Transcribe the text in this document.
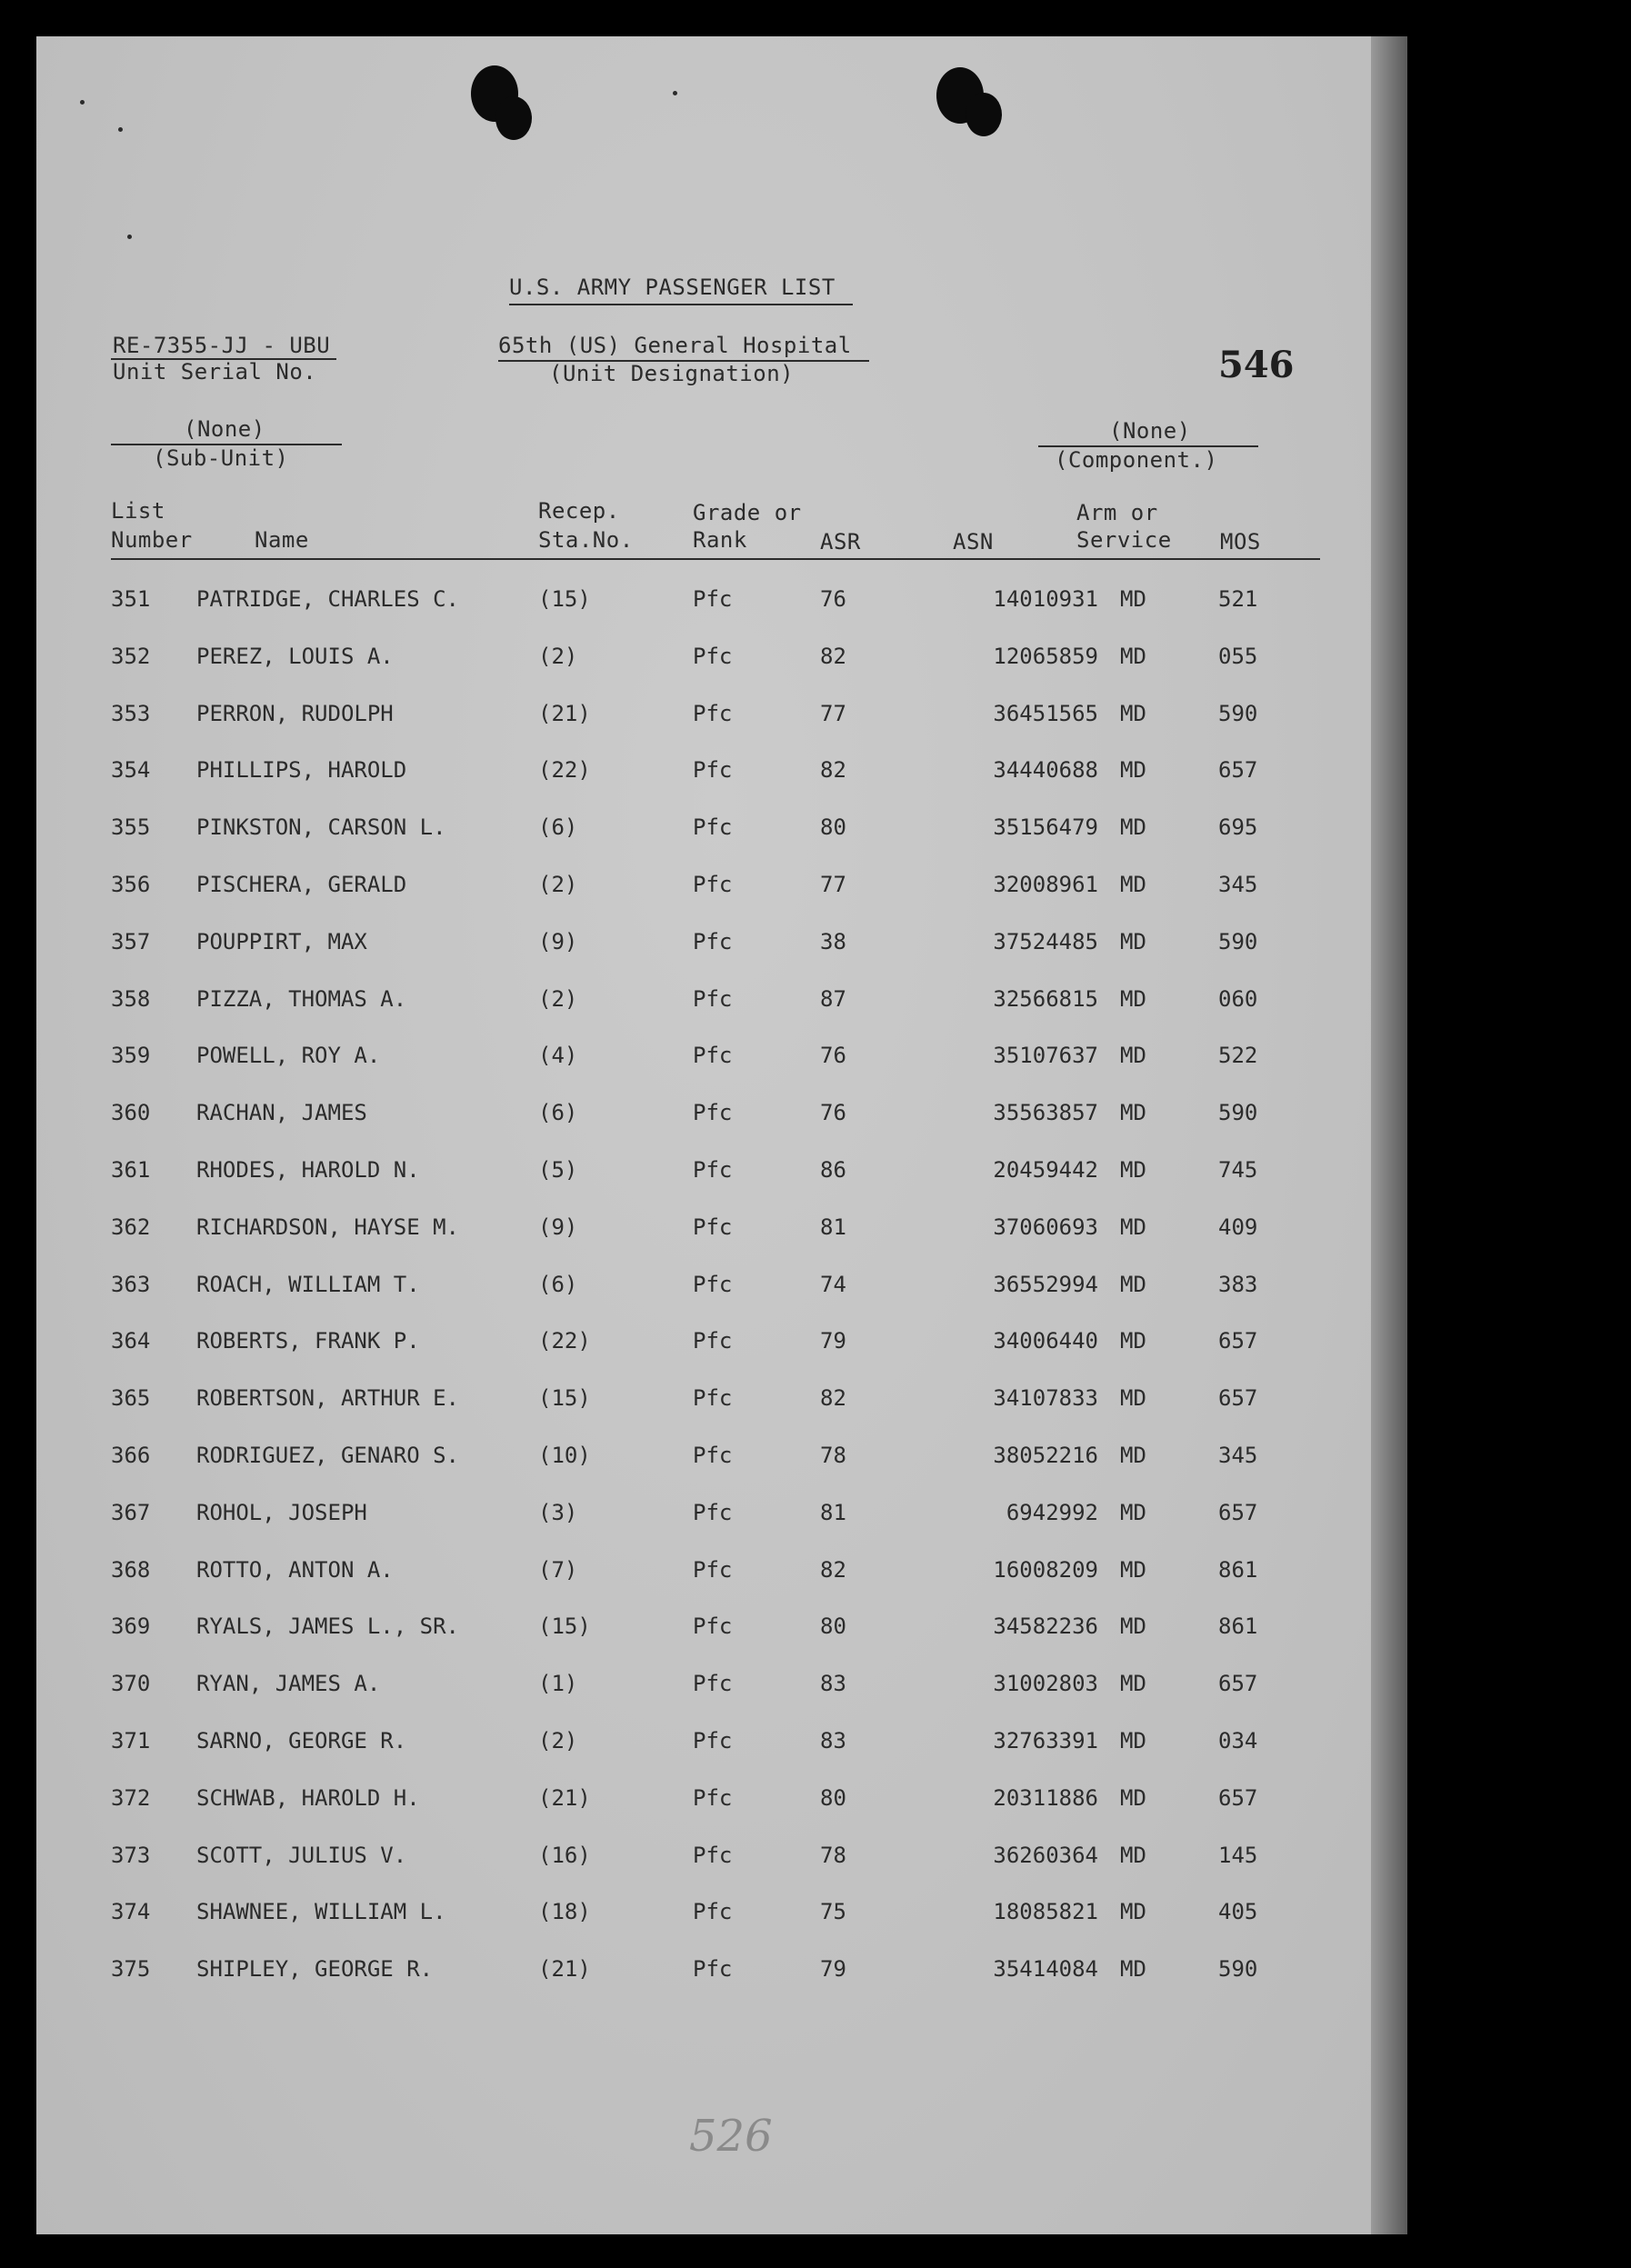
U.S. ARMY PASSENGER LIST
RE-7355-JJ - UBU
Unit Serial No.
65th (US) General Hospital
(Unit Designation)	546
(None)
(Sub-Unit)
(None)
(Component.)
List
Number	Name
Recep.
Sta.No.
Grade or
Rank	ASR	ASN
Arm or
Service MOS
351 PATRIDGE, CHARLES C.	(15)	Pfc	76	14010931 MD	521
352 PEREZ, LOUIS A.	(2)	Pfc	82	12065859 MD	055
353 PERRON, RUDOLPH	(21)	Pfc	77	36451565 MD	590
354 PHILLIPS, HAROLD	(22)	Pfc	82	34440688 MD	657
355 PINKSTON, CARSON L.	(6)	Pfc	80	35156479 MD	695
356 PISCHERA, GERALD	(2)	Pfc	77	32008961 MD	345
357 POUPPIRT, MAX	(9)	Pfc	38	37524485 MD	590
358 PIZZA, THOMAS A.	(2)	Pfc	87	32566815 MD	060
359 POWELL, ROY A.	(4)	Pfc	76	35107637 MD	522
360 RACHAN, JAMES	(6)	Pfc	76	35563857 MD	590
361 RHODES, HAROLD N.	(5)	Pfc	86	20459442 MD	745
362 RICHARDSON, HAYSE M.	(9)	Pfc	81	37060693 MD	409
363 ROACH, WILLIAM T.	(6)	Pfc	74	36552994 MD	383
364 ROBERTS, FRANK P.	(22)	Pfc	79	34006440 MD	657
365 ROBERTSON, ARTHUR E.	(15)	Pfc	82	34107833 MD	657
366 RODRIGUEZ, GENARO S.	(10)	Pfc	78	38052216 MD	345
367 ROHOL, JOSEPH	(3)	Pfc	81	6942992 MD	657
368 ROTTO, ANTON A.	(7)	Pfc	82	16008209 MD	861
369 RYALS, JAMES L., SR.	(15)	Pfc	80	34582236 MD	861
370 RYAN, JAMES A.	(1)	Pfc	83	31002803 MD	657
371 SARNO, GEORGE R.	(2)	Pfc	83	32763391 MD	034
372 SCHWAB, HAROLD H.	(21)	Pfc	80	20311886 MD	657
373 SCOTT, JULIUS V.	(16)	Pfc	78	36260364 MD	145
374 SHAWNEE, WILLIAM L.	(18)	Pfc	75	18085821 MD	405
375 SHIPLEY, GEORGE R.	(21)	Pfc	79	35414084 MD	590
526
